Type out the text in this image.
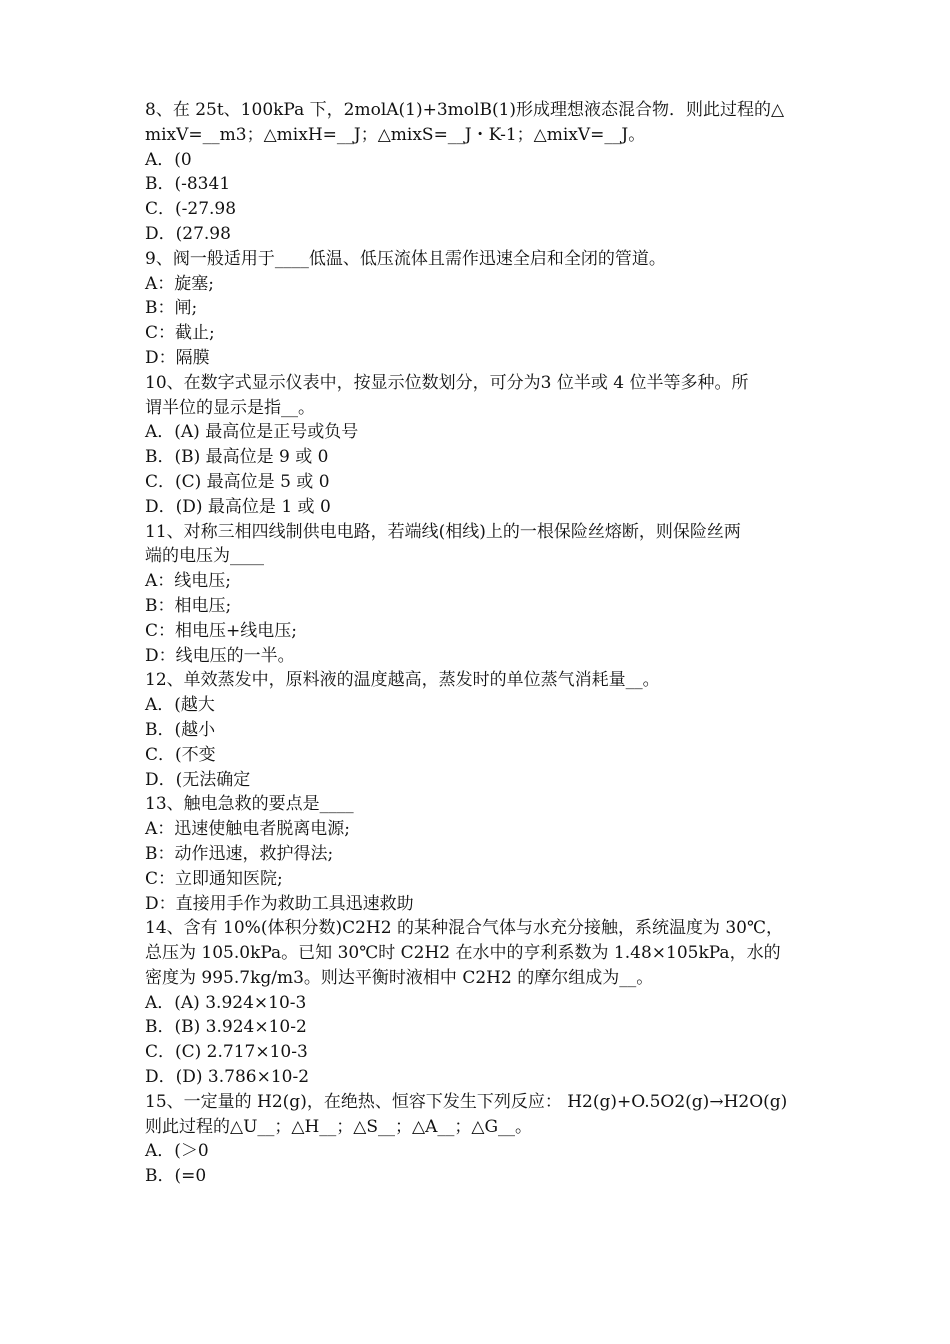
8、在 25t、100kPa 下，2molA(1)+3molB(1)形成理想液态混合物．则此过程的△
mixV=__m3；△mixH=__J；△mixS=__J・K-1；△mixV=__J。
A．(0
B．(-8341
C．(-27.98
D．(27.98
9、阀一般适用于____低温、低压流体且需作迅速全启和全闭的管道。
A：旋塞;
B：闸;
C：截止;
D：隔膜
10、在数字式显示仪表中，按显示位数划分，可分为3 位半或 4 位半等多种。所
谓半位的显示是指__。
A．(A) 最高位是正号或负号
B．(B) 最高位是 9 或 0
C．(C) 最高位是 5 或 0
D．(D) 最高位是 1 或 0
11、对称三相四线制供电电路，若端线(相线)上的一根保险丝熔断，则保险丝两
端的电压为____
A：线电压;
B：相电压;
C：相电压+线电压;
D：线电压的一半。
12、单效蒸发中，原料液的温度越高，蒸发时的单位蒸气消耗量__。
A．(越大
B．(越小
C．(不变
D．(无法确定
13、触电急救的要点是____
A：迅速使触电者脱离电源;
B：动作迅速，救护得法;
C：立即通知医院;
D：直接用手作为救助工具迅速救助
14、含有 10%(体积分数)C2H2 的某种混合气体与水充分接触，系统温度为 30℃，
总压为 105.0kPa。已知 30℃时 C2H2 在水中的亨利系数为 1.48×105kPa，水的
密度为 995.7kg/m3。则达平衡时液相中 C2H2 的摩尔组成为__。
A．(A) 3.924×10-3
B．(B) 3.924×10-2
C．(C) 2.717×10-3
D．(D) 3.786×10-2
15、一定量的 H2(g)，在绝热、恒容下发生下列反应： H2(g)+O.5O2(g)→H2O(g)
则此过程的△U__；△H__；△S__；△A__；△G__。
A．(＞0
B．(=0
